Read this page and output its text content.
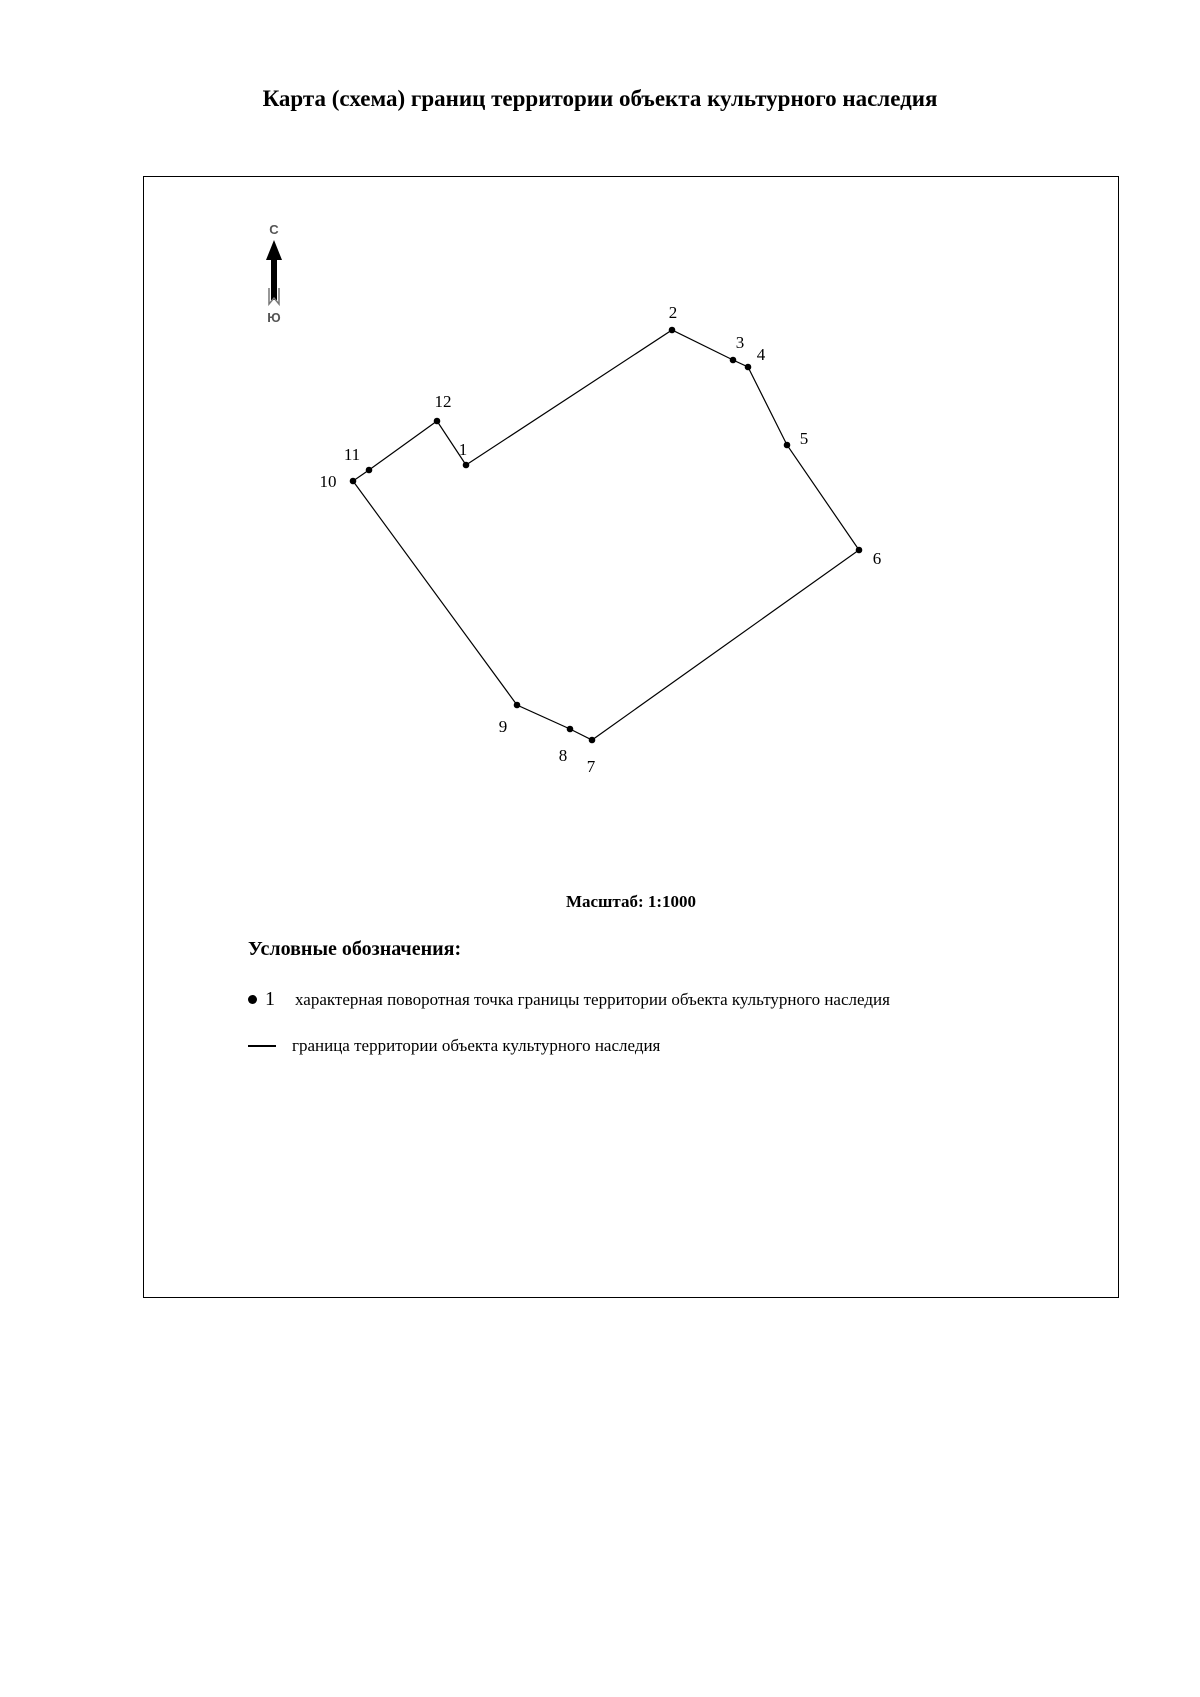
Карта (схема) границ территории объекта культурного наследия
С
Ю
1
2
3
4
5
6
7
8
9
10
11
12
Масштаб: 1:1000
Условные обозначения:
1 характерная поворотная точка границы территории объекта культурного наследия
граница территории объекта культурного наследия
